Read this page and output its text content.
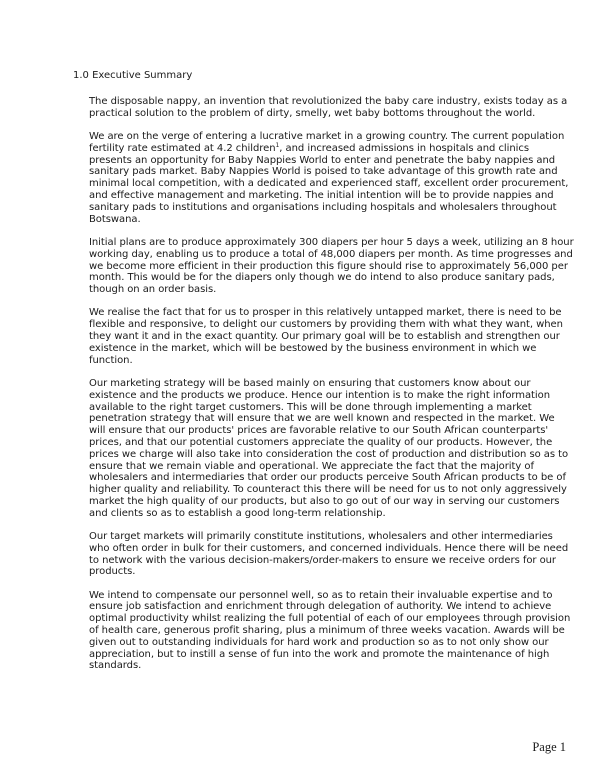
1.0 Executive Summary

The disposable nappy, an invention that revolutionized the baby care industry, exists today as a practical solution to the problem of dirty, smelly, wet baby bottoms throughout the world.

We are on the verge of entering a lucrative market in a growing country. The current population fertility rate estimated at 4.2 children$^1$, and increased admissions in hospitals and clinics presents an opportunity for Baby Nappies World to enter and penetrate the baby nappies and sanitary pads market. Baby Nappies World is poised to take advantage of this growth rate and minimal local competition, with a dedicated and experienced staff, excellent order procurement, and effective management and marketing. The initial intention will be to provide nappies and sanitary pads to institutions and organisations including hospitals and wholesalers throughout Botswana.

Initial plans are to produce approximately 300 diapers per hour 5 days a week, utilizing an 8 hour working day, enabling us to produce a total of 48,000 diapers per month. As time progresses and we become more efficient in their production this figure should rise to approximately 56,000 per month. This would be for the diapers only though we do intend to also produce sanitary pads, though on an order basis.

We realise the fact that for us to prosper in this relatively untapped market, there is need to be flexible and responsive, to delight our customers by providing them with what they want, when they want it and in the exact quantity. Our primary goal will be to establish and strengthen our existence in the market, which will be bestowed by the business environment in which we function.

Our marketing strategy will be based mainly on ensuring that customers know about our existence and the products we produce. Hence our intention is to make the right information available to the right target customers. This will be done through implementing a market penetration strategy that will ensure that we are well known and respected in the market. We will ensure that our products' prices are favorable relative to our South African counterparts' prices, and that our potential customers appreciate the quality of our products. However, the prices we charge will also take into consideration the cost of production and distribution so as to ensure that we remain viable and operational. We appreciate the fact that the majority of wholesalers and intermediaries that order our products perceive South African products to be of higher quality and reliability. To counteract this there will be need for us to not only aggressively market the high quality of our products, but also to go out of our way in serving our customers and clients so as to establish a good long-term relationship.

Our target markets will primarily constitute institutions, wholesalers and other intermediaries who often order in bulk for their customers, and concerned individuals. Hence there will be need to network with the various decision-makers/order-makers to ensure we receive orders for our products.

We intend to compensate our personnel well, so as to retain their invaluable expertise and to ensure job satisfaction and enrichment through delegation of authority. We intend to achieve optimal productivity whilst realizing the full potential of each of our employees through provision of health care, generous profit sharing, plus a minimum of three weeks vacation. Awards will be given out to outstanding individuals for hard work and production so as to not only show our appreciation, but to instill a sense of fun into the work and promote the maintenance of high standards.

Page 1
